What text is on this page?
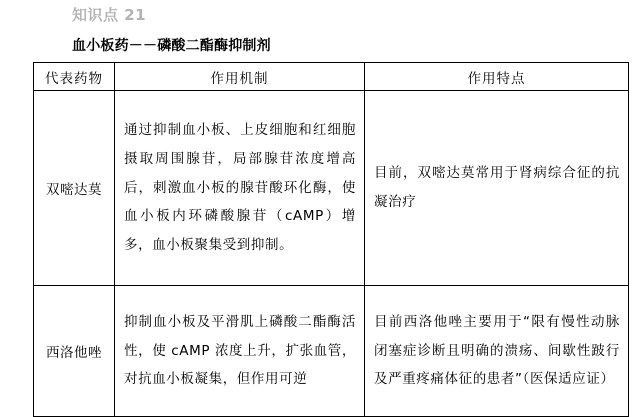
知识点 21
血小板药－－磷酸二酯酶抑制剂
代表药物	作用机制	作用特点
双嘧达莫	通过抑制血小板、上皮细胞和红细胞摄取周围腺苷，局部腺苷浓度增高后，刺激血小板的腺苷酸环化酶，使血小板内环磷酸腺苷（cAMP）增多，血小板聚集受到抑制。	目前，双嘧达莫常用于肾病综合征的抗凝治疗
西洛他唑	抑制血小板及平滑肌上磷酸二酯酶活性，使 cAMP 浓度上升，扩张血管，对抗血小板凝集，但作用可逆	目前西洛他唑主要用于“限有慢性动脉闭塞症诊断且明确的溃疡、间歇性跛行及严重疼痛体征的患者”（医保适应证）
